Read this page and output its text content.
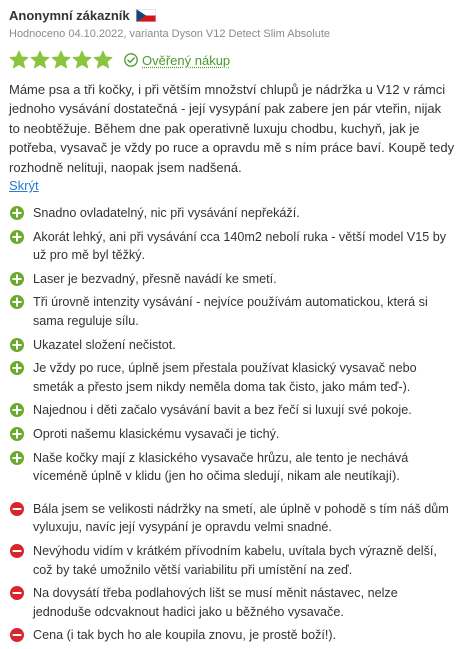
Anonymní zákazník
Hodnoceno 04.10.2022, varianta Dyson V12 Detect Slim Absolute
Ověřený nákup
Máme psa a tři kočky, i při větším množství chlupů je nádržka u V12 v rámci jednoho vysávání dostatečná - její vysypání pak zabere jen pár vteřin, nijak to neobtěžuje. Během dne pak operativně luxuju chodbu, kuchyň, jak je potřeba, vysavač je vždy po ruce a opravdu mě s ním práce baví. Koupě tedy rozhodně nelituji, naopak jsem nadšená.
Skrýt
Snadno ovladatelný, nic při vysávání nepřekáží.
Akorát lehký, ani při vysávání cca 140m2 nebolí ruka - větší model V15 by už pro mě byl těžký.
Laser je bezvadný, přesně navádí ke smetí.
Tři úrovně intenzity vysávání - nejvíce používám automatickou, která si sama reguluje sílu.
Ukazatel složení nečistot.
Je vždy po ruce, úplně jsem přestala používat klasický vysavač nebo smeták a přesto jsem nikdy neměla doma tak čisto, jako mám teď-).
Najednou i děti začalo vysávání bavit a bez řečí si luxují své pokoje.
Oproti našemu klasickému vysavači je tichý.
Naše kočky mají z klasického vysavače hrůzu, ale tento je nechává víceméně úplně v klidu (jen ho očima sledují, nikam ale neutíkají).
Bála jsem se velikosti nádržky na smetí, ale úplně v pohodě s tím náš dům vyluxuju, navíc její vysypání je opravdu velmi snadné.
Nevýhodu vidím v krátkém přívodním kabelu, uvítala bych výrazně delší, což by také umožnilo větší variabilitu při umístění na zeď.
Na dovysátí třeba podlahových lišt se musí měnit nástavec, nelze jednoduše odcvaknout hadici jako u běžného vysavače.
Cena (i tak bych ho ale koupila znovu, je prostě boží!).
